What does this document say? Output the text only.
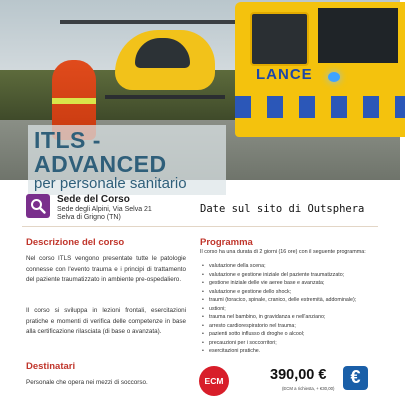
LANCE
ITLS - ADVANCED
per personale sanitario
Sede del Corso
Sede degli Alpini, Via Selva 21
Selva di Grigno (TN)
Date sul sito di Outsphera
Descrizione del corso
Nel corso ITLS vengono presentate tutte le patologie connesse con l'evento trauma e i principi di trattamento del paziente traumatizzato in ambiente pre-ospedaliero.
Il corso si sviluppa in lezioni frontali, esercitazioni pratiche e momenti di verifica delle competenze in base alla certificazione rilasciata (di base o avanzata).
Destinatari
Personale che opera nei mezzi di soccorso.
Programma
Il corso ha una durata di 2 giorni (16 ore) con il seguente programma:
• valutazione della scena;
• valutazione e gestione iniziale del paziente traumatizzato;
• gestione iniziale delle vie aeree base e avanzata;
• valutazione e gestione dello shock;
• traumi (toracico, spinale, cranico, delle estremità, addominale);
• ustioni;
• trauma nel bambino, in gravidanza e nell'anziano;
• arresto cardiorespiratorio nel trauma;
• pazienti sotto influsso di droghe o alcool;
• precauzioni per i soccorritori;
• esercitazioni pratiche.
ECM	390,00 €
(ECM a richiesta, + €30,00)
€
